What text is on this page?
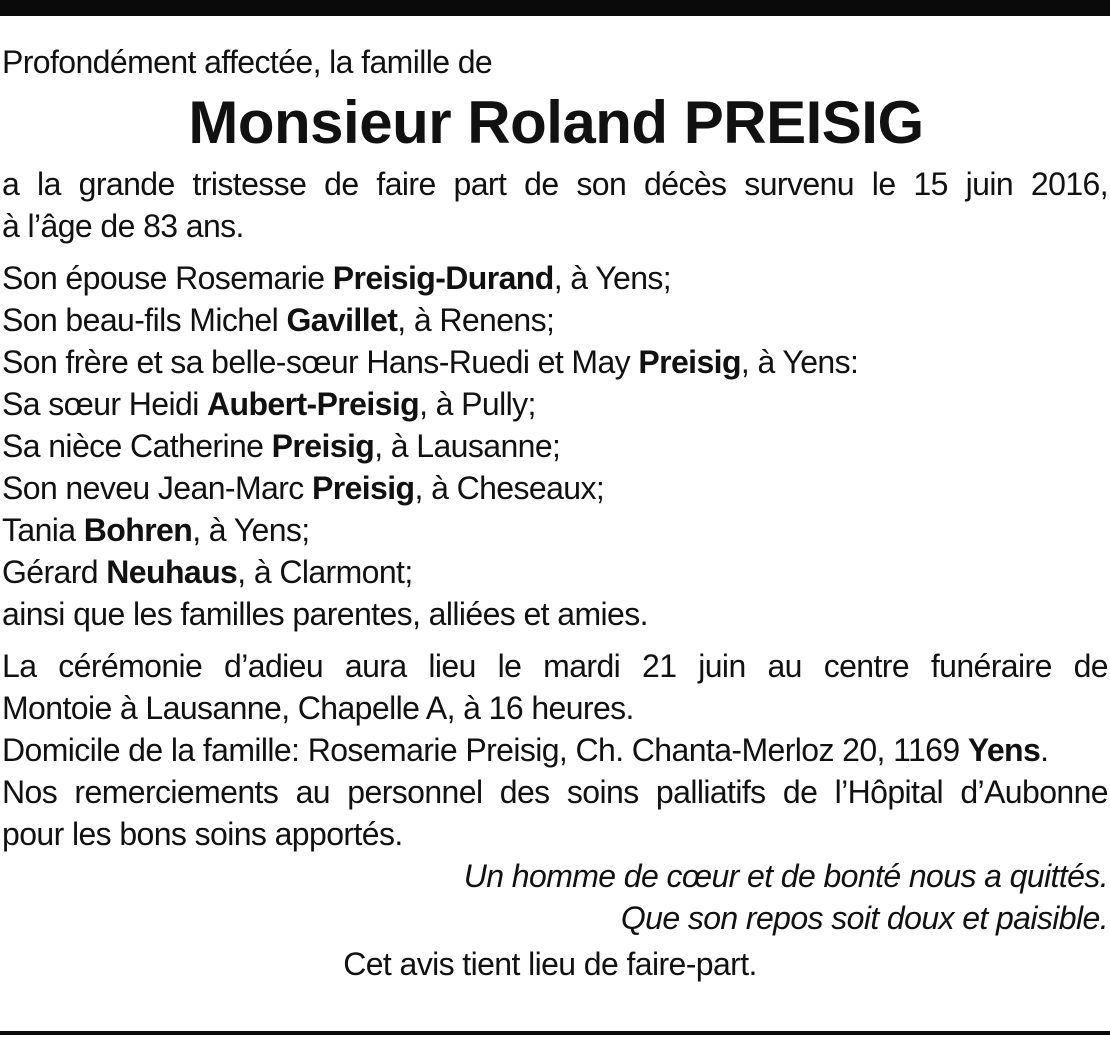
Profondément affectée, la famille de
Monsieur Roland PREISIG
a la grande tristesse de faire part de son décès survenu le 15 juin 2016,
à l’âge de 83 ans.
Son épouse Rosemarie Preisig-Durand, à Yens;
Son beau-fils Michel Gavillet, à Renens;
Son frère et sa belle-sœur Hans-Ruedi et May Preisig, à Yens:
Sa sœur Heidi Aubert-Preisig, à Pully;
Sa nièce Catherine Preisig, à Lausanne;
Son neveu Jean-Marc Preisig, à Cheseaux;
Tania Bohren, à Yens;
Gérard Neuhaus, à Clarmont;
ainsi que les familles parentes, alliées et amies.
La cérémonie d’adieu aura lieu le mardi 21 juin au centre funéraire de
Montoie à Lausanne, Chapelle A, à 16 heures.
Domicile de la famille: Rosemarie Preisig, Ch. Chanta-Merloz 20, 1169 Yens.
Nos remerciements au personnel des soins palliatifs de l’Hôpital d’Aubonne
pour les bons soins apportés.
Un homme de cœur et de bonté nous a quittés.
Que son repos soit doux et paisible.
Cet avis tient lieu de faire-part.
